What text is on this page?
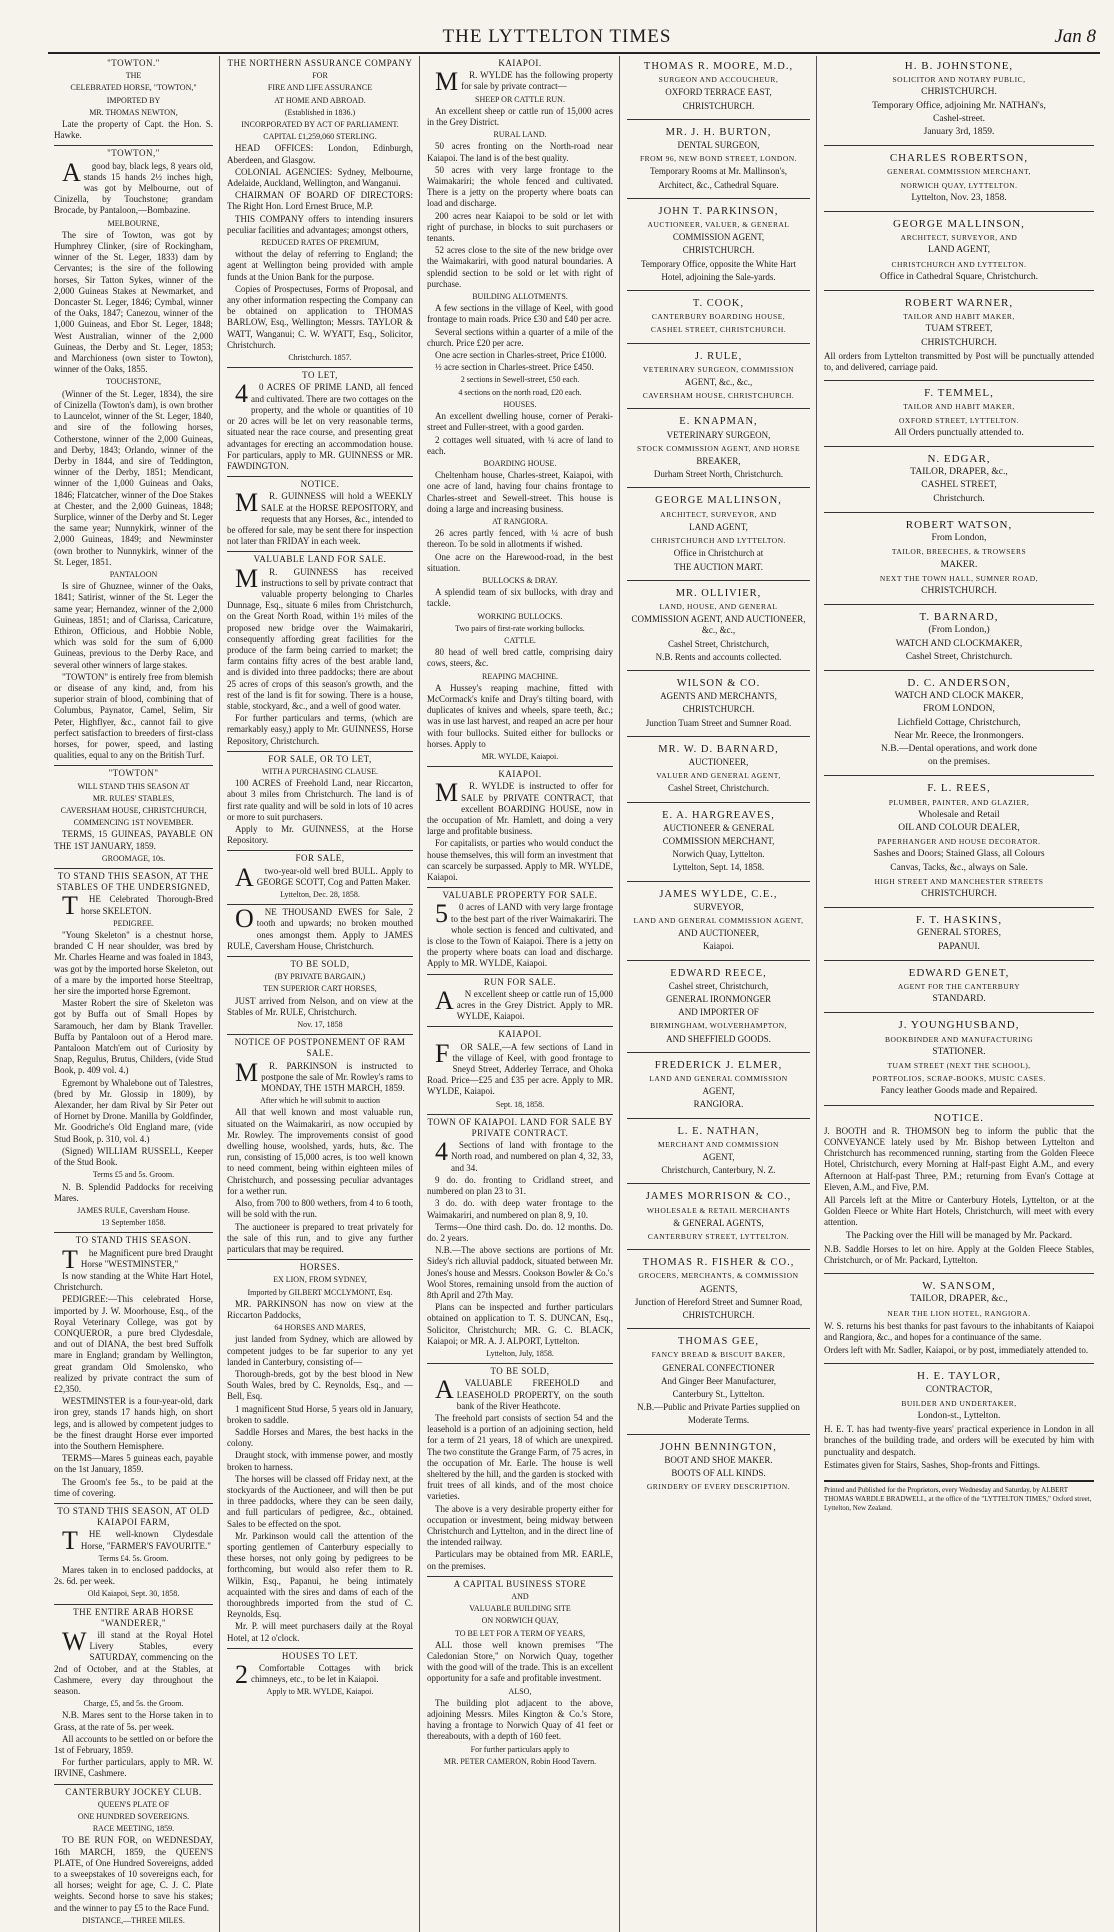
THE LYTTELTON TIMES	Jan 8
"TOWTON."
THE
CELEBRATED HORSE, "TOWTON,"
IMPORTED BY
MR. THOMAS NEWTON,
Late the property of Capt. the Hon. S. Hawke.
"TOWTON,"
Agood bay, black legs, 8 years old, stands 15 hands 2½ inches high, was got by Melbourne, out of Cinizella, by Touchstone; grandam Brocade, by Pantaloon,—Bombazine.
MELBOURNE,
The sire of Towton, was got by Humphrey Clinker, (sire of Rockingham, winner of the St. Leger, 1833) dam by Cervantes; is the sire of the following horses, Sir Tatton Sykes, winner of the 2,000 Guineas Stakes at Newmarket, and Doncaster St. Leger, 1846; Cymbal, winner of the Oaks, 1847; Canezou, winner of the 1,000 Guineas, and Ebor St. Leger, 1848; West Australian, winner of the 2,000 Guineas, the Derby and St. Leger, 1853; and Marchioness (own sister to Towton), winner of the Oaks, 1855.
TOUCHSTONE,
(Winner of the St. Leger, 1834), the sire of Cinizella (Towton's dam), is own brother to Launcelot, winner of the St. Leger, 1840, and sire of the following horses, Cotherstone, winner of the 2,000 Guineas, and Derby, 1843; Orlando, winner of the Derby in 1844, and sire of Teddington, winner of the Derby, 1851; Mendicant, winner of the 1,000 Guineas and Oaks, 1846; Flatcatcher, winner of the Doe Stakes at Chester, and the 2,000 Guineas, 1848; Surplice, winner of the Derby and St. Leger the same year; Nunnykirk, winner of the 2,000 Guineas, 1849; and Newminster (own brother to Nunnykirk, winner of the St. Leger, 1851.
PANTALOON
Is sire of Ghuznee, winner of the Oaks, 1841; Satirist, winner of the St. Leger the same year; Hernandez, winner of the 2,000 Guineas, 1851; and of Clarissa, Caricature, Ethiron, Officious, and Hobbie Noble, which was sold for the sum of 6,000 Guineas, previous to the Derby Race, and several other winners of large stakes.
"TOWTON" is entirely free from blemish or disease of any kind, and, from his superior strain of blood, combining that of Columbus, Paynator, Camel, Selim, Sir Peter, Highflyer, &c., cannot fail to give perfect satisfaction to breeders of first-class horses, for power, speed, and lasting qualities, equal to any on the British Turf.
"TOWTON"
WILL STAND THIS SEASON AT
MR. RULES' STABLES,
CAVERSHAM HOUSE, CHRISTCHURCH,
COMMENCING 1ST NOVEMBER.
TERMS, 15 GUINEAS, PAYABLE ON THE 1ST JANUARY, 1859.
GROOMAGE, 10s.
TO STAND THIS SEASON, AT THE STABLES OF THE UNDERSIGNED,
THE Celebrated Thorough-Bred horse SKELETON.
PEDIGREE.
"Young Skeleton" is a chestnut horse, branded C H near shoulder, was bred by Mr. Charles Hearne and was foaled in 1843, was got by the imported horse Skeleton, out of a mare by the imported horse Steeltrap, her sire the imported horse Egremont.
Master Robert the sire of Skeleton was got by Buffa out of Small Hopes by Saramouch, her dam by Blank Traveller. Buffa by Pantaloon out of a Herod mare. Pantaloon Match'em out of Curiosity by Snap, Regulus, Brutus, Childers, (vide Stud Book, p. 409 vol. 4.)
Egremont by Whalebone out of Talestres, (bred by Mr. Glossip in 1809), by Alexander, her dam Rival by Sir Peter out of Hornet by Drone. Manilla by Goldfinder, Mr. Goodriche's Old England mare, (vide Stud Book, p. 310, vol. 4.)
(Signed) WILLIAM RUSSELL, Keeper of the Stud Book.
Terms £5 and 5s. Groom.
N. B. Splendid Paddocks for receiving Mares.
JAMES RULE, Caversham House.
13 September 1858.
TO STAND THIS SEASON.
The Magnificent pure bred Draught Horse "WESTMINSTER,"
Is now standing at the White Hart Hotel, Christchurch.
PEDIGREE:—This celebrated Horse, imported by J. W. Moorhouse, Esq., of the Royal Veterinary College, was got by CONQUEROR, a pure bred Clydesdale, and out of DIANA, the best bred Suffolk mare in England; grandam by Wellington, great grandam Old Smolensko, who realized by private contract the sum of £2,350.
WESTMINSTER is a four-year-old, dark iron grey, stands 17 hands high, on short legs, and is allowed by competent judges to be the finest draught Horse ever imported into the Southern Hemisphere.
TERMS—Mares 5 guineas each, payable on the 1st January, 1859.
The Groom's fee 5s., to be paid at the time of covering.
TO STAND THIS SEASON, AT OLD KAIAPOI FARM,
THE well-known Clydesdale Horse, "FARMER'S FAVOURITE."
Terms £4. 5s. Groom.
Mares taken in to enclosed paddocks, at 2s. 6d. per week.
Old Kaiapoi, Sept. 30, 1858.
THE ENTIRE ARAB HORSE "WANDERER,"
Will stand at the Royal Hotel Livery Stables, every SATURDAY, commencing on the 2nd of October, and at the Stables, at Cashmere, every day throughout the season.
Charge, £5, and 5s. the Groom.
N.B. Mares sent to the Horse taken in to Grass, at the rate of 5s. per week.
All accounts to be settled on or before the 1st of February, 1859.
For further particulars, apply to MR. W. IRVINE, Cashmere.
CANTERBURY JOCKEY CLUB.
QUEEN'S PLATE OF
ONE HUNDRED SOVEREIGNS.
RACE MEETING, 1859.
TO BE RUN FOR, on WEDNESDAY, 16th MARCH, 1859, the QUEEN'S PLATE, of One Hundred Sovereigns, added to a sweepstakes of 10 sovereigns each, for all horses; weight for age, C. J. C. Plate weights. Second horse to save his stakes; and the winner to pay £5 to the Race Fund.
DISTANCE,—THREE MILES.
THE NORTHERN ASSURANCE COMPANY
FOR
FIRE AND LIFE ASSURANCE
AT HOME AND ABROAD.
(Established in 1836.)
INCORPORATED BY ACT OF PARLIAMENT.
CAPITAL £1,259,060 STERLING.
HEAD OFFICES: London, Edinburgh, Aberdeen, and Glasgow.
COLONIAL AGENCIES: Sydney, Melbourne, Adelaide, Auckland, Wellington, and Wanganui.
CHAIRMAN OF BOARD OF DIRECTORS: The Right Hon. Lord Ernest Bruce, M.P.
THIS COMPANY offers to intending insurers peculiar facilities and advantages; amongst others,
REDUCED RATES OF PREMIUM,
without the delay of referring to England; the agent at Wellington being provided with ample funds at the Union Bank for the purpose.
Copies of Prospectuses, Forms of Proposal, and any other information respecting the Company can be obtained on application to THOMAS BARLOW, Esq., Wellington; Messrs. TAYLOR & WATT, Wanganui; C. W. WYATT, Esq., Solicitor, Christchurch.
Christchurch. 1857.
TO LET,
40 ACRES OF PRIME LAND, all fenced and cultivated. There are two cottages on the property, and the whole or quantities of 10 or 20 acres will be let on very reasonable terms, situated near the race course, and presenting great advantages for erecting an accommodation house. For particulars, apply to MR. GUINNESS or MR. FAWDINGTON.
NOTICE.
MR. GUINNESS will hold a WEEKLY SALE at the HORSE REPOSITORY, and requests that any Horses, &c., intended to be offered for sale, may be sent there for inspection not later than FRIDAY in each week.
VALUABLE LAND FOR SALE.
MR. GUINNESS has received instructions to sell by private contract that valuable property belonging to Charles Dunnage, Esq., situate 6 miles from Christchurch, on the Great North Road, within 1½ miles of the proposed new bridge over the Waimakariri, consequently affording great facilities for the produce of the farm being carried to market; the farm contains fifty acres of the best arable land, and is divided into three paddocks; there are about 25 acres of crops of this season's growth, and the rest of the land is fit for sowing. There is a house, stable, stockyard, &c., and a well of good water.
For further particulars and terms, (which are remarkably easy,) apply to Mr. GUINNESS, Horse Repository, Christchurch.
FOR SALE, OR TO LET,
WITH A PURCHASING CLAUSE.
100 ACRES of Freehold Land, near Riccarton, about 3 miles from Christchurch. The land is of first rate quality and will be sold in lots of 10 acres or more to suit purchasers.
Apply to Mr. GUINNESS, at the Horse Repository.
FOR SALE,
Atwo-year-old well bred BULL. Apply to GEORGE SCOTT, Cog and Patten Maker.
Lyttelton, Dec. 28, 1858.
ONE THOUSAND EWES for Sale, 2 tooth and upwards; no broken mouthed ones amongst them. Apply to JAMES RULE, Caversham House, Christchurch.
TO BE SOLD,
(BY PRIVATE BARGAIN,)
TEN SUPERIOR CART HORSES,
JUST arrived from Nelson, and on view at the Stables of Mr. RULE, Christchurch.
Nov. 17, 1858
NOTICE OF POSTPONEMENT OF RAM SALE.
MR. PARKINSON is instructed to postpone the sale of Mr. Rowley's rams to MONDAY, THE 15TH MARCH, 1859.
After which he will submit to auction
All that well known and most valuable run, situated on the Waimakariri, as now occupied by Mr. Rowley. The improvements consist of good dwelling house, woolshed, yards, huts, &c. The run, consisting of 15,000 acres, is too well known to need comment, being within eighteen miles of Christchurch, and possessing peculiar advantages for a wether run.
Also, from 700 to 800 wethers, from 4 to 6 tooth, will be sold with the run.
The auctioneer is prepared to treat privately for the sale of this run, and to give any further particulars that may be required.
HORSES.
EX LION, FROM SYDNEY,
Imported by GILBERT MCCLYMONT, Esq.
MR. PARKINSON has now on view at the Riccarton Paddocks,
64 HORSES AND MARES,
just landed from Sydney, which are allowed by competent judges to be far superior to any yet landed in Canterbury, consisting of—
Thorough-breds, got by the best blood in New South Wales, bred by C. Reynolds, Esq., and — Bell, Esq.
1 magnificent Stud Horse, 5 years old in January, broken to saddle.
Saddle Horses and Mares, the best hacks in the colony.
Draught stock, with immense power, and mostly broken to harness.
The horses will be classed off Friday next, at the stockyards of the Auctioneer, and will then be put in three paddocks, where they can be seen daily, and full particulars of pedigree, &c., obtained. Sales to be effected on the spot.
Mr. Parkinson would call the attention of the sporting gentlemen of Canterbury especially to these horses, not only going by pedigrees to be forthcoming, but would also refer them to R. Wilkin, Esq., Papanui, he being intimately acquainted with the sires and dams of each of the thoroughbreds imported from the stud of C. Reynolds, Esq.
Mr. P. will meet purchasers daily at the Royal Hotel, at 12 o'clock.
HOUSES TO LET.
2Comfortable Cottages with brick chimneys, etc., to be let in Kaiapoi.
Apply to MR. WYLDE, Kaiapoi.
KAIAPOI.
MR. WYLDE has the following property for sale by private contract—
SHEEP OR CATTLE RUN.
An excellent sheep or cattle run of 15,000 acres in the Grey District.
RURAL LAND.
50 acres fronting on the North-road near Kaiapoi. The land is of the best quality.
50 acres with very large frontage to the Waimakariri; the whole fenced and cultivated. There is a jetty on the property where boats can load and discharge.
200 acres near Kaiapoi to be sold or let with right of purchase, in blocks to suit purchasers or tenants.
52 acres close to the site of the new bridge over the Waimakariri, with good natural boundaries. A splendid section to be sold or let with right of purchase.
BUILDING ALLOTMENTS.
A few sections in the village of Keel, with good frontage to main roads. Price £30 and £40 per acre.
Several sections within a quarter of a mile of the church. Price £20 per acre.
One acre section in Charles-street, Price £1000.
½ acre section in Charles-street. Price £450.
2 sections in Sewell-street, £50 each.
4 sections on the north road, £20 each.
HOUSES.
An excellent dwelling house, corner of Peraki-street and Fuller-street, with a good garden.
2 cottages well situated, with ¼ acre of land to each.
BOARDING HOUSE.
Cheltenham house, Charles-street, Kaiapoi, with one acre of land, having four chains frontage to Charles-street and Sewell-street. This house is doing a large and increasing business.
AT RANGIORA.
26 acres partly fenced, with ¼ acre of bush thereon. To be sold in allotments if wished.
One acre on the Harewood-road, in the best situation.
BULLOCKS & DRAY.
A splendid team of six bullocks, with dray and tackle.
WORKING BULLOCKS.
Two pairs of first-rate working bullocks.
CATTLE.
80 head of well bred cattle, comprising dairy cows, steers, &c.
REAPING MACHINE.
A Hussey's reaping machine, fitted with McCormack's knife and Dray's tilting board, with duplicates of knives and wheels, spare teeth, &c.; was in use last harvest, and reaped an acre per hour with four bullocks. Suited either for bullocks or horses. Apply to
MR. WYLDE, Kaiapoi.
KAIAPOI.
MR. WYLDE is instructed to offer for SALE by PRIVATE CONTRACT, that excellent BOARDING HOUSE, now in the occupation of Mr. Hamlett, and doing a very large and profitable business.
For capitalists, or parties who would conduct the house themselves, this will form an investment that can scarcely be surpassed. Apply to MR. WYLDE, Kaiapoi.
VALUABLE PROPERTY FOR SALE.
50 acres of LAND with very large frontage to the best part of the river Waimakariri. The whole section is fenced and cultivated, and is close to the Town of Kaiapoi. There is a jetty on the property where boats can load and discharge. Apply to MR. WYLDE, Kaiapoi.
RUN FOR SALE.
AN excellent sheep or cattle run of 15,000 acres in the Grey District. Apply to MR. WYLDE, Kaiapoi.
KAIAPOI.
FOR SALE,—A few sections of Land in the village of Keel, with good frontage to Sneyd Street, Adderley Terrace, and Ohoka Road. Price—£25 and £35 per acre. Apply to MR. WYLDE, Kaiapoi.
Sept. 18, 1858.
TOWN OF KAIAPOI. LAND FOR SALE BY PRIVATE CONTRACT.
4Sections of land with frontage to the North road, and numbered on plan 4, 32, 33, and 34.
9 do. do. fronting to Cridland street, and numbered on plan 23 to 31.
3 do. do. with deep water frontage to the Waimakariri, and numbered on plan 8, 9, 10.
Terms—One third cash. Do. do. 12 months. Do. do. 2 years.
N.B.—The above sections are portions of Mr. Sidey's rich alluvial paddock, situated between Mr. Jones's house and Messrs. Cookson Bowler & Co.'s Wool Stores, remaining unsold from the auction of 8th April and 27th May.
Plans can be inspected and further particulars obtained on application to T. S. DUNCAN, Esq., Solicitor, Christchurch; MR. G. C. BLACK, Kaiapoi; or MR. A. J. ALPORT, Lyttelton.
Lyttelton, July, 1858.
TO BE SOLD,
AVALUABLE FREEHOLD and LEASEHOLD PROPERTY, on the south bank of the River Heathcote.
The freehold part consists of section 54 and the leasehold is a portion of an adjoining section, held for a term of 21 years, 18 of which are unexpired. The two constitute the Grange Farm, of 75 acres, in the occupation of Mr. Earle. The house is well sheltered by the hill, and the garden is stocked with fruit trees of all kinds, and of the most choice varieties.
The above is a very desirable property either for occupation or investment, being midway between Christchurch and Lyttelton, and in the direct line of the intended railway.
Particulars may be obtained from MR. EARLE, on the premises.
A CAPITAL BUSINESS STORE
AND
VALUABLE BUILDING SITE
ON NORWICH QUAY,
TO BE LET FOR A TERM OF YEARS,
ALL those well known premises "The Caledonian Store," on Norwich Quay, together with the good will of the trade. This is an excellent opportunity for a safe and profitable investment.
ALSO,
The building plot adjacent to the above, adjoining Messrs. Miles Kington & Co.'s Store, having a frontage to Norwich Quay of 41 feet or thereabouts, with a depth of 160 feet.
For further particulars apply to
MR. PETER CAMERON, Robin Hood Tavern.
THOMAS R. MOORE, M.D.,
SURGEON AND ACCOUCHEUR,
OXFORD TERRACE EAST,
CHRISTCHURCH.
MR. J. H. BURTON,
DENTAL SURGEON,
FROM 96, NEW BOND STREET, LONDON.
Temporary Rooms at Mr. Mallinson's,
Architect, &c., Cathedral Square.
JOHN T. PARKINSON,
AUCTIONEER, VALUER, & GENERAL
COMMISSION AGENT,
CHRISTCHURCH.
Temporary Office, opposite the White Hart
Hotel, adjoining the Sale-yards.
T. COOK,
CANTERBURY BOARDING HOUSE,
CASHEL STREET, CHRISTCHURCH.
J. RULE,
VETERINARY SURGEON, COMMISSION
AGENT, &c., &c.,
CAVERSHAM HOUSE, CHRISTCHURCH.
E. KNAPMAN,
VETERINARY SURGEON,
STOCK COMMISSION AGENT, AND HORSE
BREAKER,
Durham Street North, Christchurch.
GEORGE MALLINSON,
ARCHITECT, SURVEYOR, AND
LAND AGENT,
CHRISTCHURCH AND LYTTELTON.
Office in Christchurch at
THE AUCTION MART.
MR. OLLIVIER,
LAND, HOUSE, AND GENERAL
COMMISSION AGENT, AND AUCTIONEER, &c., &c.,
Cashel Street, Christchurch,
N.B. Rents and accounts collected.
WILSON & CO.
AGENTS AND MERCHANTS,
CHRISTCHURCH.
Junction Tuam Street and Sumner Road.
MR. W. D. BARNARD,
AUCTIONEER,
VALUER AND GENERAL AGENT,
Cashel Street, Christchurch.
E. A. HARGREAVES,
AUCTIONEER & GENERAL
COMMISSION MERCHANT,
Norwich Quay, Lyttelton.
Lyttelton, Sept. 14, 1858.
JAMES WYLDE, C.E.,
SURVEYOR,
LAND AND GENERAL COMMISSION AGENT,
AND AUCTIONEER,
Kaiapoi.
EDWARD REECE,
Cashel street, Christchurch,
GENERAL IRONMONGER
AND IMPORTER OF
BIRMINGHAM, WOLVERHAMPTON,
AND SHEFFIELD GOODS.
FREDERICK J. ELMER,
LAND AND GENERAL COMMISSION
AGENT,
RANGIORA.
L. E. NATHAN,
MERCHANT AND COMMISSION
AGENT,
Christchurch, Canterbury, N. Z.
JAMES MORRISON & CO.,
WHOLESALE & RETAIL MERCHANTS
& GENERAL AGENTS,
CANTERBURY STREET, LYTTELTON.
THOMAS R. FISHER & CO.,
GROCERS, MERCHANTS, & COMMISSION
AGENTS,
Junction of Hereford Street and Sumner Road,
CHRISTCHURCH.
THOMAS GEE,
FANCY BREAD & BISCUIT BAKER,
GENERAL CONFECTIONER
And Ginger Beer Manufacturer,
Canterbury St., Lyttelton.
N.B.—Public and Private Parties supplied on
Moderate Terms.
JOHN BENNINGTON,
BOOT AND SHOE MAKER.
BOOTS OF ALL KINDS.
GRINDERY OF EVERY DESCRIPTION.
H. B. JOHNSTONE,
SOLICITOR AND NOTARY PUBLIC,
CHRISTCHURCH.
Temporary Office, adjoining Mr. NATHAN's,
Cashel-street.
January 3rd, 1859.
CHARLES ROBERTSON,
GENERAL COMMISSION MERCHANT,
NORWICH QUAY, LYTTELTON.
Lyttelton, Nov. 23, 1858.
GEORGE MALLINSON,
ARCHITECT, SURVEYOR, AND
LAND AGENT,
CHRISTCHURCH AND LYTTELTON.
Office in Cathedral Square, Christchurch.
ROBERT WARNER,
TAILOR AND HABIT MAKER,
TUAM STREET,
CHRISTCHURCH.
All orders from Lyttelton transmitted by Post will be punctually attended to, and delivered, carriage paid.
F. TEMMEL,
TAILOR AND HABIT MAKER,
OXFORD STREET, LYTTELTON.
All Orders punctually attended to.
N. EDGAR,
TAILOR, DRAPER, &c.,
CASHEL STREET,
Christchurch.
ROBERT WATSON,
From London,
TAILOR, BREECHES, & TROWSERS
MAKER.
NEXT THE TOWN HALL, SUMNER ROAD,
CHRISTCHURCH.
T. BARNARD,
(From London,)
WATCH AND CLOCKMAKER,
Cashel Street, Christchurch.
D. C. ANDERSON,
WATCH AND CLOCK MAKER,
FROM LONDON,
Lichfield Cottage, Christchurch,
Near Mr. Reece, the Ironmongers.
N.B.—Dental operations, and work done
on the premises.
F. L. REES,
PLUMBER, PAINTER, AND GLAZIER,
Wholesale and Retail
OIL AND COLOUR DEALER,
PAPERHANGER AND HOUSE DECORATOR.
Sashes and Doors; Stained Glass, all Colours
Canvas, Tacks, &c., always on Sale.
HIGH STREET AND MANCHESTER STREETS
CHRISTCHURCH.
F. T. HASKINS,
GENERAL STORES,
PAPANUI.
EDWARD GENET,
AGENT FOR THE CANTERBURY
STANDARD.
J. YOUNGHUSBAND,
BOOKBINDER AND MANUFACTURING
STATIONER.
TUAM STREET (NEXT THE SCHOOL),
PORTFOLIOS, SCRAP-BOOKS, MUSIC CASES.
Fancy leather Goods made and Repaired.
NOTICE.
J. BOOTH and R. THOMSON beg to inform the public that the CONVEYANCE lately used by Mr. Bishop between Lyttelton and Christchurch has recommenced running, starting from the Golden Fleece Hotel, Christchurch, every Morning at Half-past Eight A.M., and every Afternoon at Half-past Three, P.M.; returning from Evan's Cottage at Eleven, A.M., and Five, P.M.
All Parcels left at the Mitre or Canterbury Hotels, Lyttelton, or at the Golden Fleece or White Hart Hotels, Christchurch, will meet with every attention.
The Packing over the Hill will be managed by Mr. Packard.
N.B. Saddle Horses to let on hire. Apply at the Golden Fleece Stables, Christchurch, or of Mr. Packard, Lyttelton.
W. SANSOM,
TAILOR, DRAPER, &c.,
NEAR THE LION HOTEL, RANGIORA.
W. S. returns his best thanks for past favours to the inhabitants of Kaiapoi and Rangiora, &c., and hopes for a continuance of the same.
Orders left with Mr. Sadler, Kaiapoi, or by post, immediately attended to.
H. E. TAYLOR,
CONTRACTOR,
BUILDER AND UNDERTAKER,
London-st., Lyttelton.
H. E. T. has had twenty-five years' practical experience in London in all branches of the building trade, and orders will be executed by him with punctuality and despatch.
Estimates given for Stairs, Sashes, Shop-fronts and Fittings.
Printed and Published for the Proprietors, every Wednesday and Saturday, by ALBERT THOMAS WARDLE BRADWELL, at the office of the "LYTTELTON TIMES," Oxford street, Lyttelton, New Zealand.
